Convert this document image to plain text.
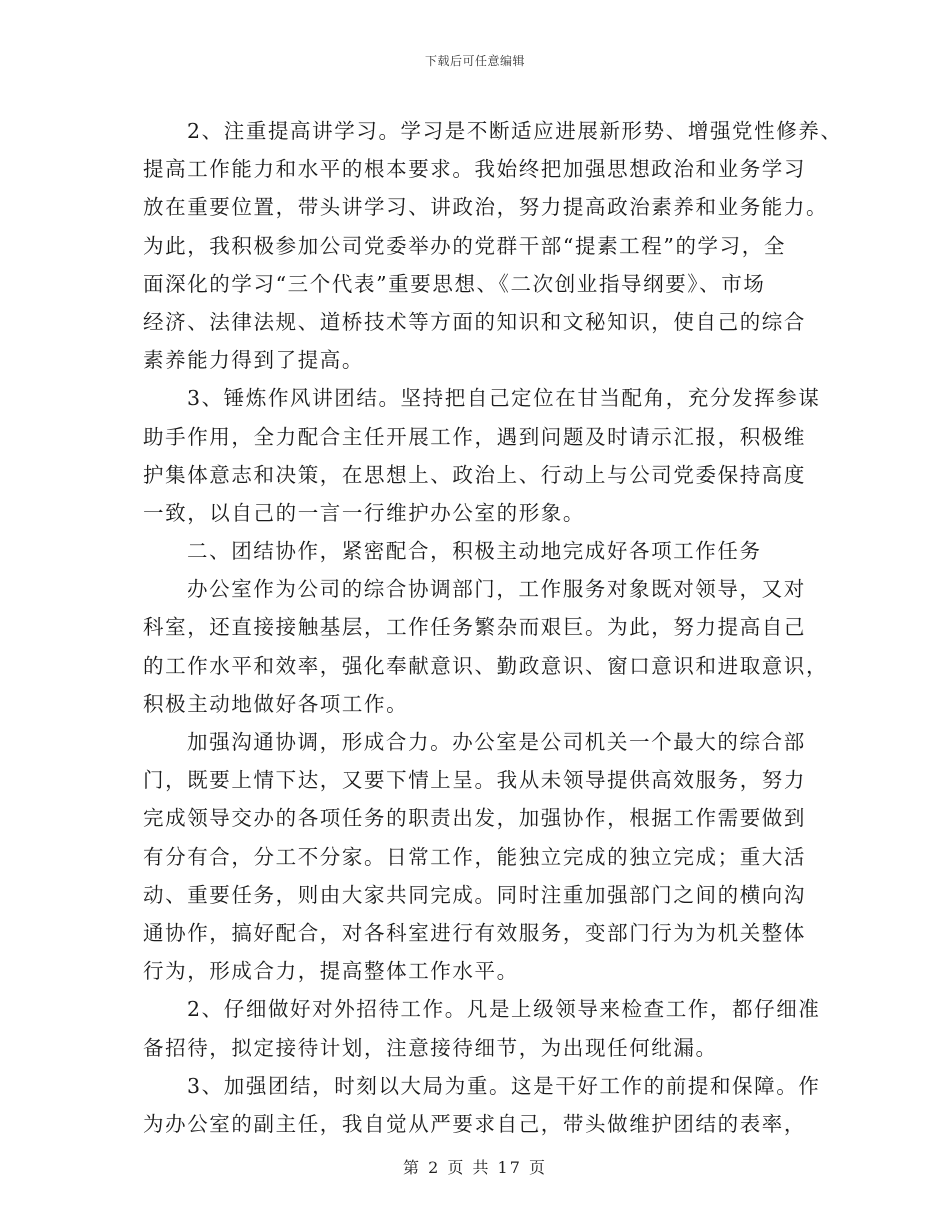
下载后可任意编辑
2、注重提高讲学习。学习是不断适应进展新形势、增强党性修养、
提高工作能力和水平的根本要求。我始终把加强思想政治和业务学习
放在重要位置，带头讲学习、讲政治，努力提高政治素养和业务能力。
为此，我积极参加公司党委举办的党群干部“提素工程”的学习，全
面深化的学习“三个代表”重要思想、《二次创业指导纲要》、市场
经济、法律法规、道桥技术等方面的知识和文秘知识，使自己的综合
素养能力得到了提高。
3、锤炼作风讲团结。坚持把自己定位在甘当配角，充分发挥参谋
助手作用，全力配合主任开展工作，遇到问题及时请示汇报，积极维
护集体意志和决策，在思想上、政治上、行动上与公司党委保持高度
一致，以自己的一言一行维护办公室的形象。
二、团结协作，紧密配合，积极主动地完成好各项工作任务
办公室作为公司的综合协调部门，工作服务对象既对领导，又对
科室，还直接接触基层，工作任务繁杂而艰巨。为此，努力提高自己
的工作水平和效率，强化奉献意识、勤政意识、窗口意识和进取意识，
积极主动地做好各项工作。
加强沟通协调，形成合力。办公室是公司机关一个最大的综合部
门，既要上情下达，又要下情上呈。我从未领导提供高效服务，努力
完成领导交办的各项任务的职责出发，加强协作，根据工作需要做到
有分有合，分工不分家。日常工作，能独立完成的独立完成；重大活
动、重要任务，则由大家共同完成。同时注重加强部门之间的横向沟
通协作，搞好配合，对各科室进行有效服务，变部门行为为机关整体
行为，形成合力，提高整体工作水平。
2、仔细做好对外招待工作。凡是上级领导来检查工作，都仔细准
备招待，拟定接待计划，注意接待细节，为出现任何纰漏。
3、加强团结，时刻以大局为重。这是干好工作的前提和保障。作
为办公室的副主任，我自觉从严要求自己，带头做维护团结的表率，
第 2 页 共 17 页
